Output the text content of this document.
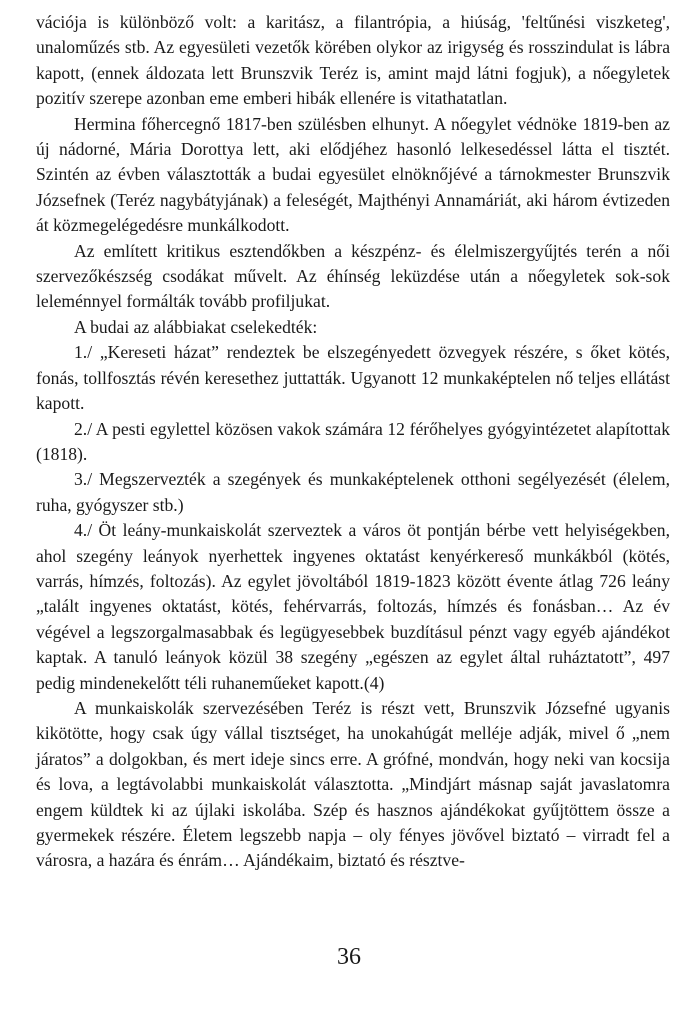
vációja is különböző volt: a karitász, a filantrópia, a hiúság, 'feltűnési viszketeg', unaloműzés stb. Az egyesületi vezetők körében olykor az irigység és rosszindulat is lábra kapott, (ennek áldozata lett Brunszvik Teréz is, amint majd látni fogjuk), a nőegyletek pozitív szerepe azonban eme emberi hibák ellenére is vitathatatlan.

Hermina főhercegnő 1817-ben szülésben elhunyt. A nőegylet védnöke 1819-ben az új nádorné, Mária Dorottya lett, aki elődjéhez hasonló lelkesedéssel látta el tisztét. Szintén az évben választották a budai egyesület elnöknőjévé a tárnokmester Brunszvik Józsefnek (Teréz nagybátyjának) a feleségét, Majthényi Annamáriát, aki három évtizeden át közmegelégedésre munkálkodott.

Az említett kritikus esztendőkben a készpénz- és élelmiszergyűjtés terén a női szervezőkészség csodákat művelt. Az éhínség leküzdése után a nőegyletek sok-sok leleménnyel formálták tovább profiljukat.

A budai az alábbiakat cselekedték:

1./ „Kereseti házat” rendeztek be elszegényedett özvegyek részére, s őket kötés, fonás, tollfosztás révén keresethez juttatták. Ugyanott 12 munkaképtelen nő teljes ellátást kapott.

2./ A pesti egylettel közösen vakok számára 12 férőhelyes gyógyintézetet alapítottak (1818).

3./ Megszervezték a szegények és munkaképtelenek otthoni segélyezését (élelem, ruha, gyógyszer stb.)

4./ Öt leány-munkaiskolát szerveztek a város öt pontján bérbe vett helyiségekben, ahol szegény leányok nyerhettek ingyenes oktatást kenyérkereső munkákból (kötés, varrás, hímzés, foltozás). Az egylet jövoltából 1819-1823 között évente átlag 726 leány „talált ingyenes oktatást, kötés, fehérvarrás, foltozás, hímzés és fonásban… Az év végével a legszorgalmasabbak és legügyesebbek buzdításul pénzt vagy egyéb ajándékot kaptak. A tanuló leányok közül 38 szegény „egészen az egylet által ruháztatott”, 497 pedig mindenekelőtt téli ruhaneműeket kapott.(4)

A munkaiskolák szervezésében Teréz is részt vett, Brunszvik Józsefné ugyanis kikötötte, hogy csak úgy vállal tisztséget, ha unokahúgát melléje adják, mivel ő „nem járatos” a dolgokban, és mert ideje sincs erre. A grófné, mondván, hogy neki van kocsija és lova, a legtávolabbi munkaiskolát választotta. „Mindjárt másnap saját javaslatomra engem küldtek ki az újlaki iskolába. Szép és hasznos ajándékokat gyűjtöttem össze a gyermekek részére. Életem legszebb napja – oly fényes jövővel biztató – virradt fel a városra, a hazára és énrám… Ajándékaim, biztató és résztve-

36
